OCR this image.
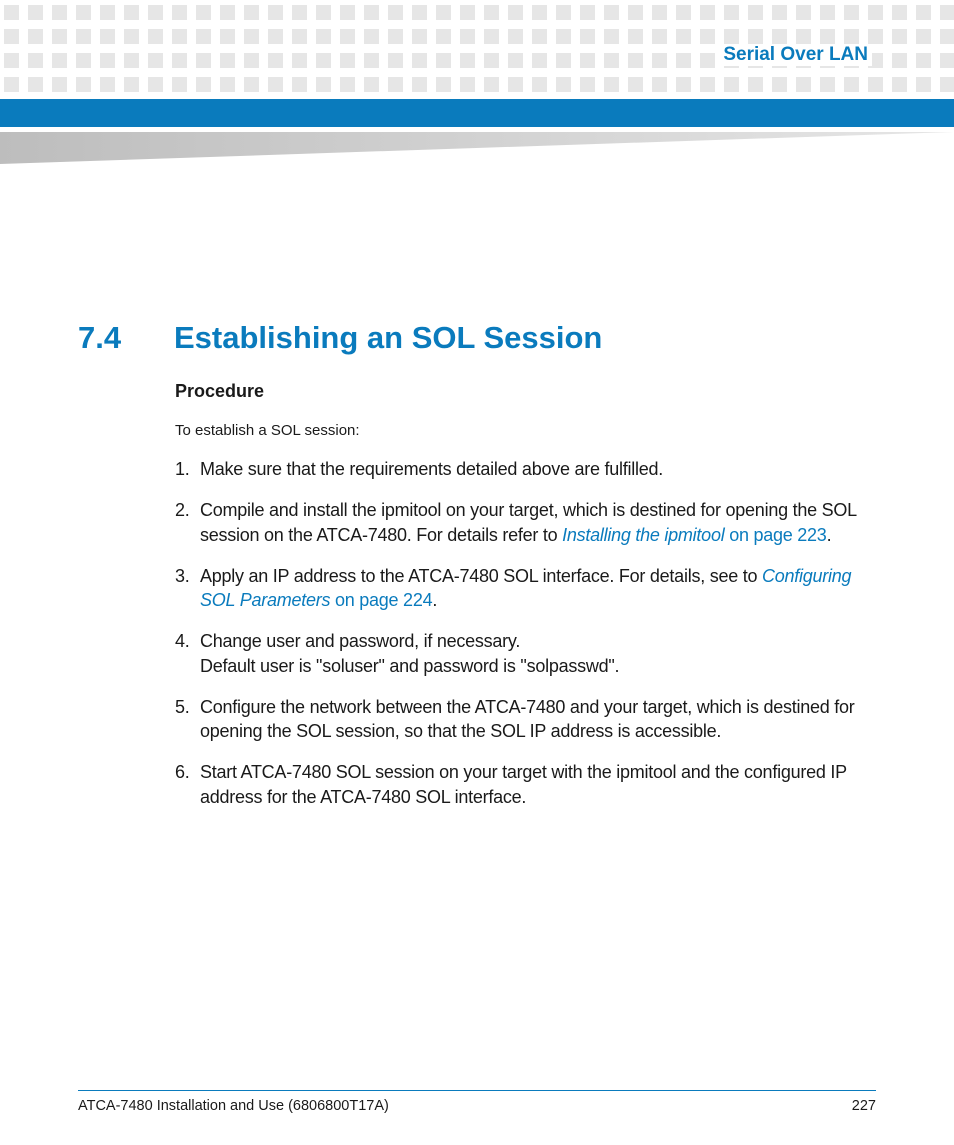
Serial Over LAN
7.4 Establishing an SOL Session
Procedure
To establish a SOL session:
1. Make sure that the requirements detailed above are fulfilled.
2. Compile and install the ipmitool on your target, which is destined for opening the SOL session on the ATCA-7480. For details refer to Installing the ipmitool on page 223.
3. Apply an IP address to the ATCA-7480 SOL interface. For details, see to Configuring SOL Parameters on page 224.
4. Change user and password, if necessary.
Default user is "soluser" and password is "solpasswd".
5. Configure the network between the ATCA-7480 and your target, which is destined for opening the SOL session, so that the SOL IP address is accessible.
6. Start ATCA-7480 SOL session on your target with the ipmitool and the configured IP address for the ATCA-7480 SOL interface.
ATCA-7480 Installation and Use (6806800T17A)	227
